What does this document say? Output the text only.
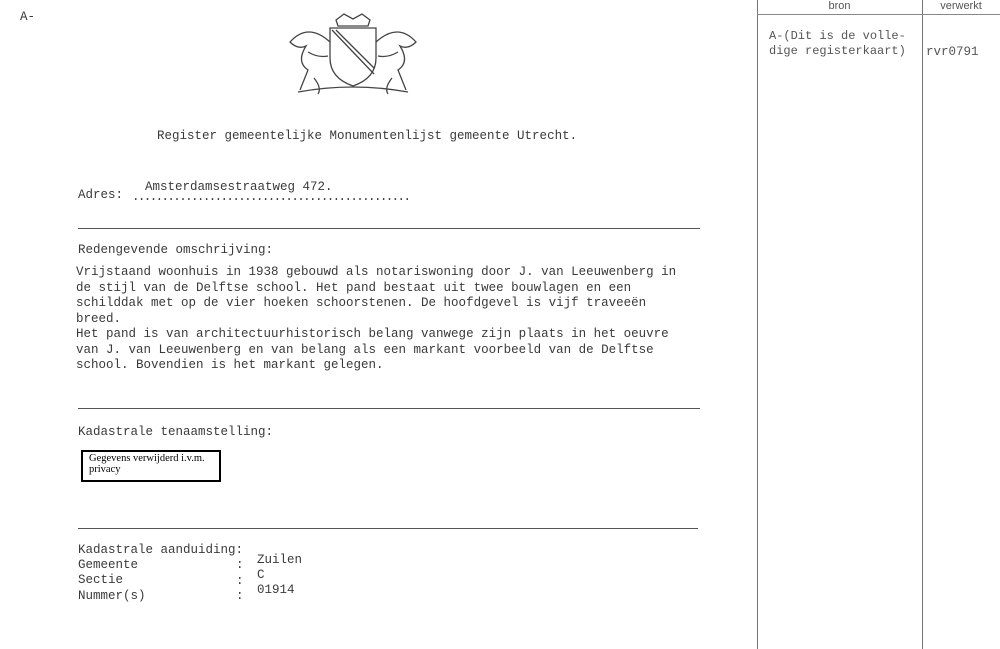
A-
bron	verwerkt
A-(Dit is de volle-
dige registerkaart) rvr0791
Register gemeentelijke Monumentenlijst gemeente Utrecht.
Adres:
Amsterdamsestraatweg 472.
...............................................
Redengevende omschrijving:
Vrijstaand woonhuis in 1938 gebouwd als notariswoning door J. van Leeuwenberg in
de stijl van de Delftse school. Het pand bestaat uit twee bouwlagen en een
schilddak met op de vier hoeken schoorstenen. De hoofdgevel is vijf traveeën
breed.
Het pand is van architectuurhistorisch belang vanwege zijn plaats in het oeuvre
van J. van Leeuwenberg en van belang als een markant voorbeeld van de Delftse
school. Bovendien is het markant gelegen.
Kadastrale tenaamstelling:
Gegevens verwijderd i.v.m. privacy
Kadastrale aanduiding:
Gemeente
Sectie
Nummer(s)
:
:
:
Zuilen
C
01914
